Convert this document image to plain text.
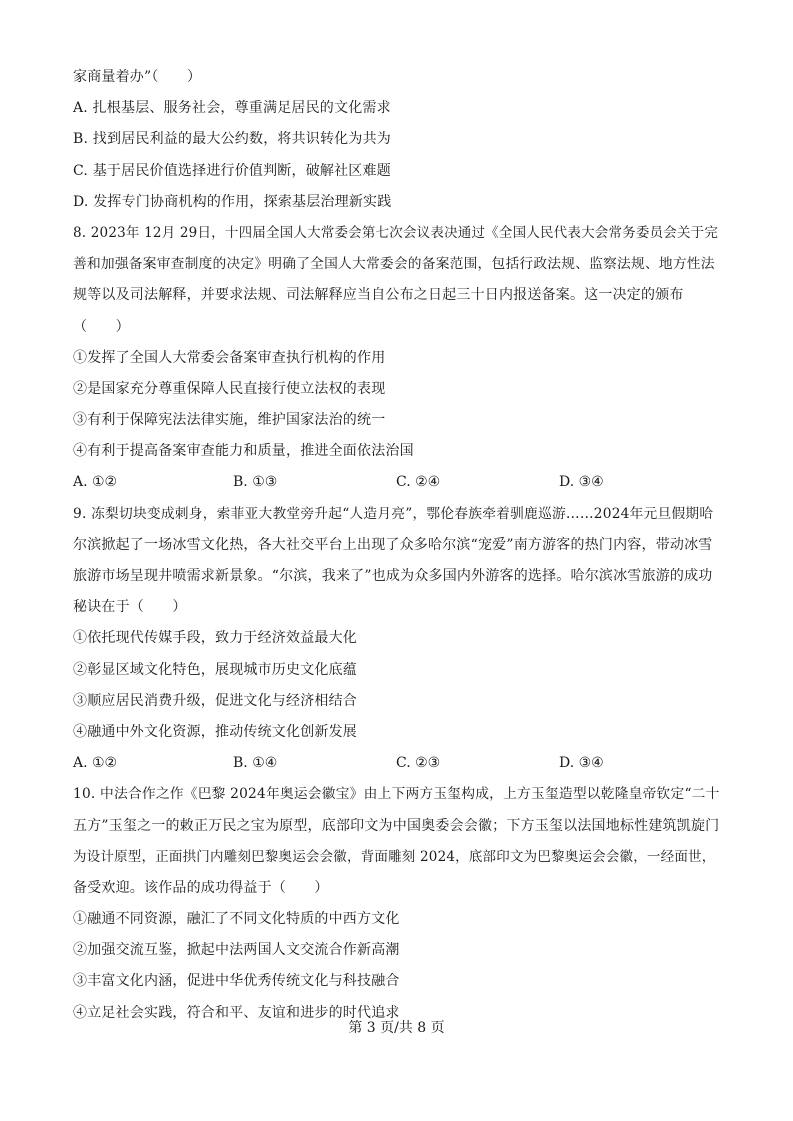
家商量着办”（　　）
A. 扎根基层、服务社会，尊重满足居民的文化需求
B. 找到居民利益的最大公约数，将共识转化为共为
C. 基于居民价值选择进行价值判断，破解社区难题
D. 发挥专门协商机构的作用，探索基层治理新实践
8. 2023年 12月 29日，十四届全国人大常委会第七次会议表决通过《全国人民代表大会常务委员会关于完
善和加强备案审查制度的决定》明确了全国人大常委会的备案范围，包括行政法规、监察法规、地方性法
规等以及司法解释，并要求法规、司法解释应当自公布之日起三十日内报送备案。这一决定的颁布
（　　）
①发挥了全国人大常委会备案审查执行机构的作用
②是国家充分尊重保障人民直接行使立法权的表现
③有利于保障宪法法律实施，维护国家法治的统一
④有利于提高备案审查能力和质量，推进全面依法治国
A. ①②	B. ①③	C. ②④	D. ③④
9. 冻梨切块变成刺身，索菲亚大教堂旁升起“人造月亮”，鄂伦春族牵着驯鹿巡游……2024年元旦假期哈
尔滨掀起了一场冰雪文化热，各大社交平台上出现了众多哈尔滨“宠爱”南方游客的热门内容，带动冰雪
旅游市场呈现井喷需求新景象。“尔滨，我来了”也成为众多国内外游客的选择。哈尔滨冰雪旅游的成功
秘诀在于（　　）
①依托现代传媒手段，致力于经济效益最大化
②彰显区域文化特色，展现城市历史文化底蕴
③顺应居民消费升级，促进文化与经济相结合
④融通中外文化资源，推动传统文化创新发展
A. ①②	B. ①④	C. ②③	D. ③④
10. 中法合作之作《巴黎 2024年奥运会徽宝》由上下两方玉玺构成，上方玉玺造型以乾隆皇帝钦定“二十
五方”玉玺之一的敕正万民之宝为原型，底部印文为中国奥委会会徽；下方玉玺以法国地标性建筑凯旋门
为设计原型，正面拱门内雕刻巴黎奥运会会徽，背面雕刻 2024，底部印文为巴黎奥运会会徽，一经面世，
备受欢迎。该作品的成功得益于（　　）
①融通不同资源，融汇了不同文化特质的中西方文化
②加强交流互鉴，掀起中法两国人文交流合作新高潮
③丰富文化内涵，促进中华优秀传统文化与科技融合
④立足社会实践，符合和平、友谊和进步的时代追求
第 3 页/共 8 页
